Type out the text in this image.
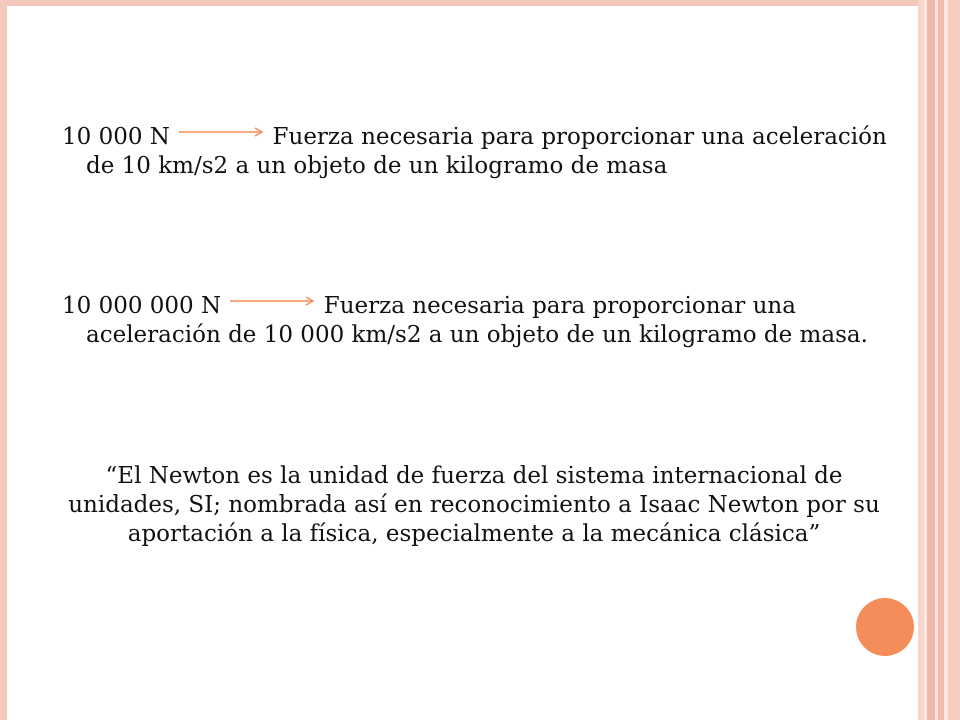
10 000 N	Fuerza necesaria para proporcionar una aceleración de 10 km/s2 a un objeto de un kilogramo de masa
10 000 000 N	Fuerza necesaria para proporcionar una aceleración de 10 000 km/s2 a un objeto de un kilogramo de masa.
“El Newton es la unidad de fuerza del sistema internacional de unidades, SI; nombrada así en reconocimiento a Isaac Newton por su aportación a la física, especialmente a la mecánica clásica”
